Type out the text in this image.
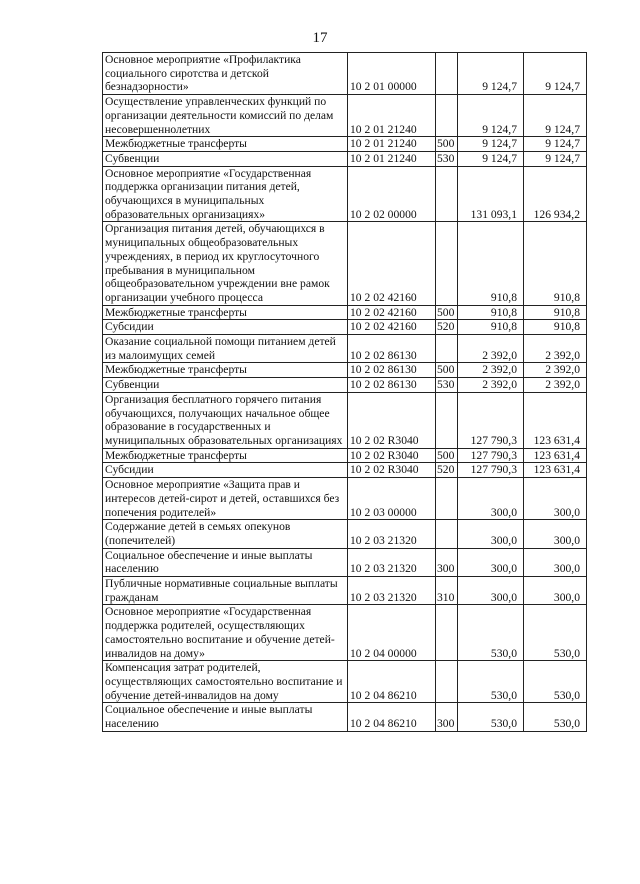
17
Основное мероприятие «Профилактика социального сиротства и детской безнадзорности»	10 2 01 00000		9 124,7	9 124,7
Осуществление управленческих функций по организации деятельности комиссий по делам несовершеннолетних	10 2 01 21240		9 124,7	9 124,7
Межбюджетные трансферты	10 2 01 21240	500	9 124,7	9 124,7
Субвенции	10 2 01 21240	530	9 124,7	9 124,7
Основное мероприятие «Государственная поддержка организации питания детей, обучающихся в муниципальных образовательных организациях»	10 2 02 00000		131 093,1	126 934,2
Организация питания детей, обучающихся в муниципальных общеобразовательных учреждениях, в период их круглосуточного пребывания в муниципальном общеобразовательном учреждении вне рамок организации учебного процесса	10 2 02 42160		910,8	910,8
Межбюджетные трансферты	10 2 02 42160	500	910,8	910,8
Субсидии	10 2 02 42160	520	910,8	910,8
Оказание социальной помощи питанием детей из малоимущих семей	10 2 02 86130		2 392,0	2 392,0
Межбюджетные трансферты	10 2 02 86130	500	2 392,0	2 392,0
Субвенции	10 2 02 86130	530	2 392,0	2 392,0
Организация бесплатного горячего питания обучающихся, получающих начальное общее образование в государственных и муниципальных образовательных организациях	10 2 02 R3040		127 790,3	123 631,4
Межбюджетные трансферты	10 2 02 R3040	500	127 790,3	123 631,4
Субсидии	10 2 02 R3040	520	127 790,3	123 631,4
Основное мероприятие «Защита прав и интересов детей-сирот и детей, оставшихся без попечения родителей»	10 2 03 00000		300,0	300,0
Содержание детей в семьях опекунов (попечителей)	10 2 03 21320		300,0	300,0
Социальное обеспечение и иные выплаты населению	10 2 03 21320	300	300,0	300,0
Публичные нормативные социальные выплаты гражданам	10 2 03 21320	310	300,0	300,0
Основное мероприятие «Государственная поддержка родителей, осуществляющих самостоятельно воспитание и обучение детей-инвалидов на дому»	10 2 04 00000		530,0	530,0
Компенсация затрат родителей, осуществляющих самостоятельно воспитание и обучение детей-инвалидов на дому	10 2 04 86210		530,0	530,0
Социальное обеспечение и иные выплаты населению	10 2 04 86210	300	530,0	530,0
